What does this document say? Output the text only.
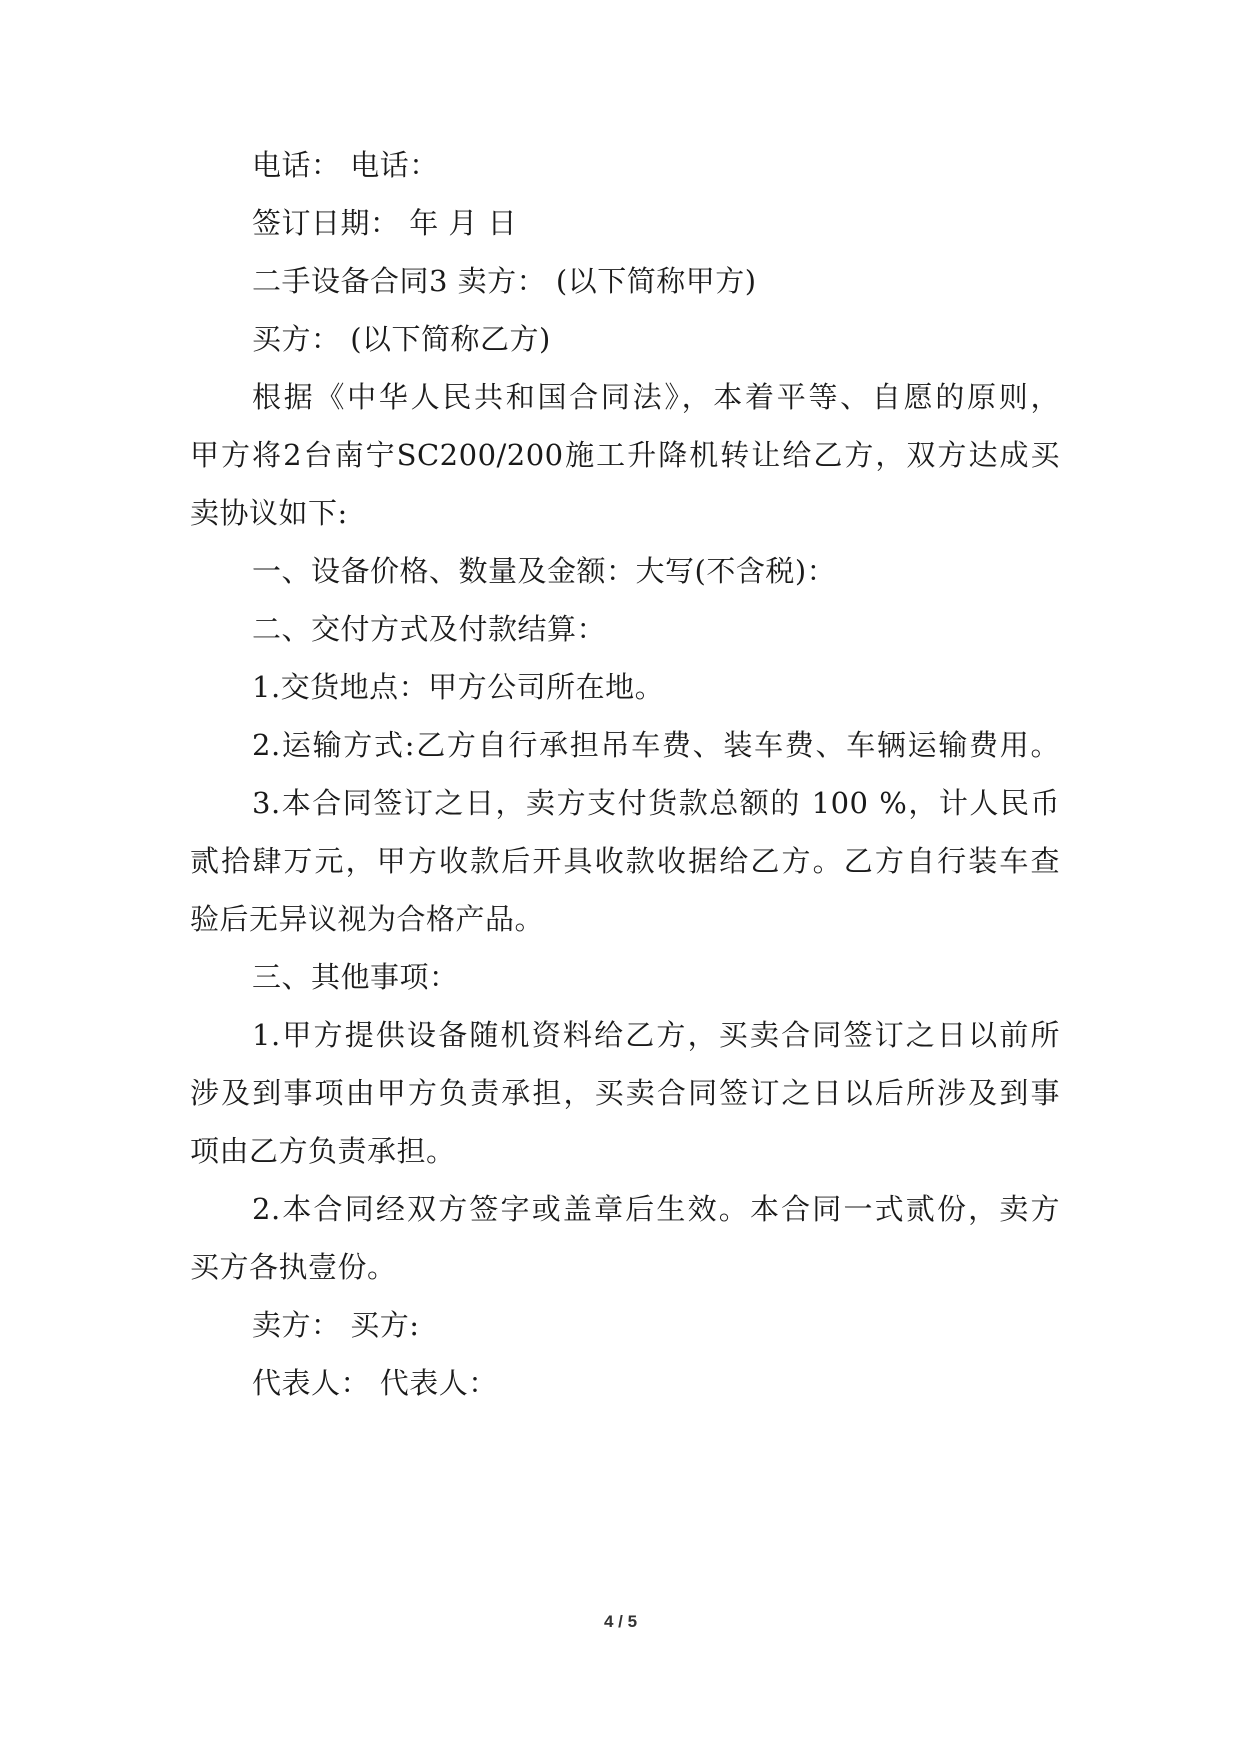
电话： 电话：
签订日期： 年 月 日
二手设备合同3 卖方： (以下简称甲方)
买方： (以下简称乙方)
根据《中华人民共和国合同法》，本着平等、自愿的原则，
甲方将2台南宁SC200/200施工升降机转让给乙方，双方达成买
卖协议如下:
一、设备价格、数量及金额：大写(不含税)：
二、交付方式及付款结算：
1.交货地点：甲方公司所在地。
2.运输方式:乙方自行承担吊车费、装车费、车辆运输费用。
3.本合同签订之日，卖方支付货款总额的 100 %，计人民币
贰拾肆万元，甲方收款后开具收款收据给乙方。乙方自行装车查
验后无异议视为合格产品。
三、其他事项：
1.甲方提供设备随机资料给乙方，买卖合同签订之日以前所
涉及到事项由甲方负责承担，买卖合同签订之日以后所涉及到事
项由乙方负责承担。
2.本合同经双方签字或盖章后生效。本合同一式贰份，卖方
买方各执壹份。
卖方： 买方:
代表人： 代表人：
4 / 5
